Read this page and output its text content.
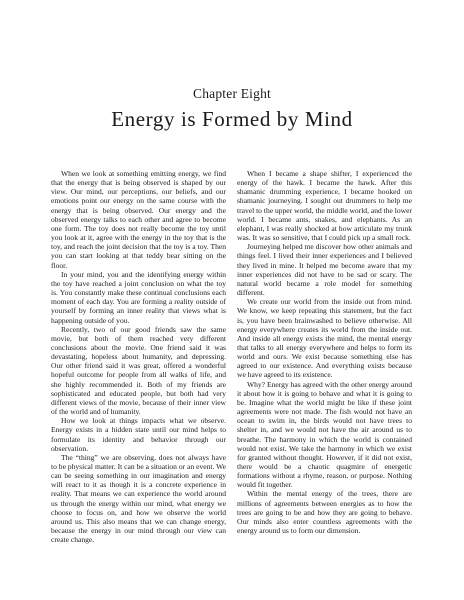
Chapter Eight
Energy is Formed by Mind

When we look at something emitting energy, we find that the energy that is being observed is shaped by our view. Our mind, our perceptions, our beliefs, and our emotions point our energy on the same course with the energy that is being observed. Our energy and the observed energy talks to each other and agree to become one form. The toy does not really become the toy until you look at it, agree with the energy in the toy that is the toy, and reach the joint decision that the toy is a toy. Then you can start looking at that teddy bear sitting on the floor.

In your mind, you and the identifying energy within the toy have reached a joint conclusion on what the toy is. You constantly make these continual conclusions each moment of each day. You are forming a reality outside of yourself by forming an inner reality that views what is happening outside of you.

Recently, two of our good friends saw the same movie, but both of them reached very different conclusions about the movie. One friend said it was devastating, hopeless about humanity, and depressing. Our other friend said it was great, offered a wonderful hopeful outcome for people from all walks of life, and she highly recommended it. Both of my friends are sophisticated and educated people, but both had very different views of the movie, because of their inner view of the world and of humanity.

How we look at things impacts what we observe. Energy exists in a hidden state until our mind helps to formulate its identity and behavior through our observation.

The “thing” we are observing, does not always have to be physical matter. It can be a situation or an event. We can be seeing something in our imagination and energy will react to it as though it is a concrete experience in reality. That means we can experience the world around us through the energy within our mind, what energy we choose to focus on, and how we observe the world around us. This also means that we can change energy, because the energy in our mind through our view can create change.

When I became a shape shifter, I experienced the energy of the hawk. I became the hawk. After this shamanic drumming experience, I became hooked on shamanic journeying. I sought out drummers to help me travel to the upper world, the middle world, and the lower world. I became ants, snakes, and elephants. As an elephant, I was really shocked at how articulate my trunk was. It was so sensitive, that I could pick up a small rock.

Journeying helped me discover how other animals and things feel. I lived their inner experiences and I believed they lived in mine. It helped me become aware that my inner experiences did not have to be sad or scary. The natural world became a role model for something different.

We create our world from the inside out from mind. We know, we keep repeating this statement, but the fact is, you have been brainwashed to believe otherwise. All energy everywhere creates its world from the inside out. And inside all energy exists the mind, the mental energy that talks to all energy everywhere and helps to form its world and ours. We exist because something else has agreed to our existence. And everything exists because we have agreed to its existence.

Why? Energy has agreed with the other energy around it about how it is going to behave and what it is going to be. Imagine what the world might be like if these joint agreements were not made. The fish would not have an ocean to swim in, the birds would not have trees to shelter in, and we would not have the air around us to breathe. The harmony in which the world is contained would not exist. We take the harmony in which we exist for granted without thought. However, if it did not exist, there would be a chaotic quagmire of energetic formations without a rhyme, reason, or purpose. Nothing would fit together.

Within the mental energy of the trees, there are millions of agreements between energies as to how the trees are going to be and how they are going to behave. Our minds also enter countless agreements with the energy around us to form our dimension.
